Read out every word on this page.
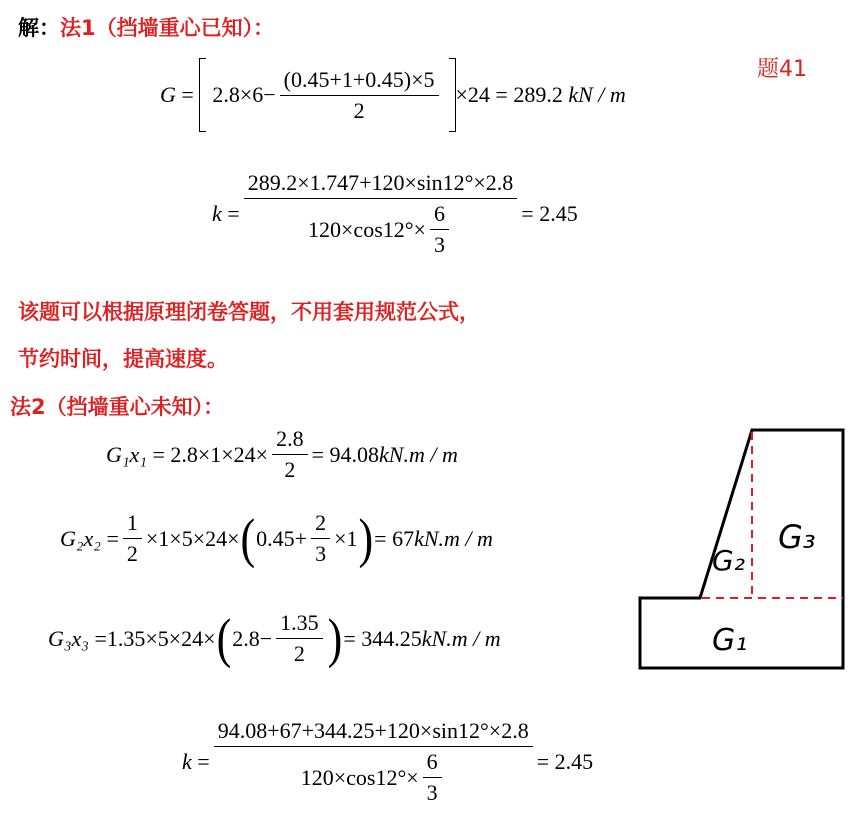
解：法1（挡墙重心已知）：
题41
$G = 2.8\times 6- \frac{(0.45+1+0.45)\times 5}{2} \times 24 = 289.2$
kN / m
$k = \frac{289.2\times 1.747+120\times\sin 12^\circ\times 2.8}{120\times\cos 12^\circ\times \frac{6}{3}} = 2.45$
该题可以根据原理闭卷答题，不用套用规范公式，
节约时间，提高速度。
法2（挡墙重心未知）：
G₁x₁
= $2.8\times 1\times 24\times \frac{2.8}{2} = 94.08$ kN.m / m
G₂x₂
= $\frac{1}{2} \times 1\times 5\times 24\times$ ( $0.45+ \frac{2}{3} \times 1$ ) = 67 kN.m / m
G₃x₃
=1.35×5×24× ( $2.8- \frac{1.35}{2}$ ) = 344.25 kN.m / m
$k = \frac{94.08+67+344.25+120\times\sin 12^\circ\times 2.8}{120\times\cos 12^\circ\times \frac{6}{3}} = 2.45$
G₂
G₃
G₁
